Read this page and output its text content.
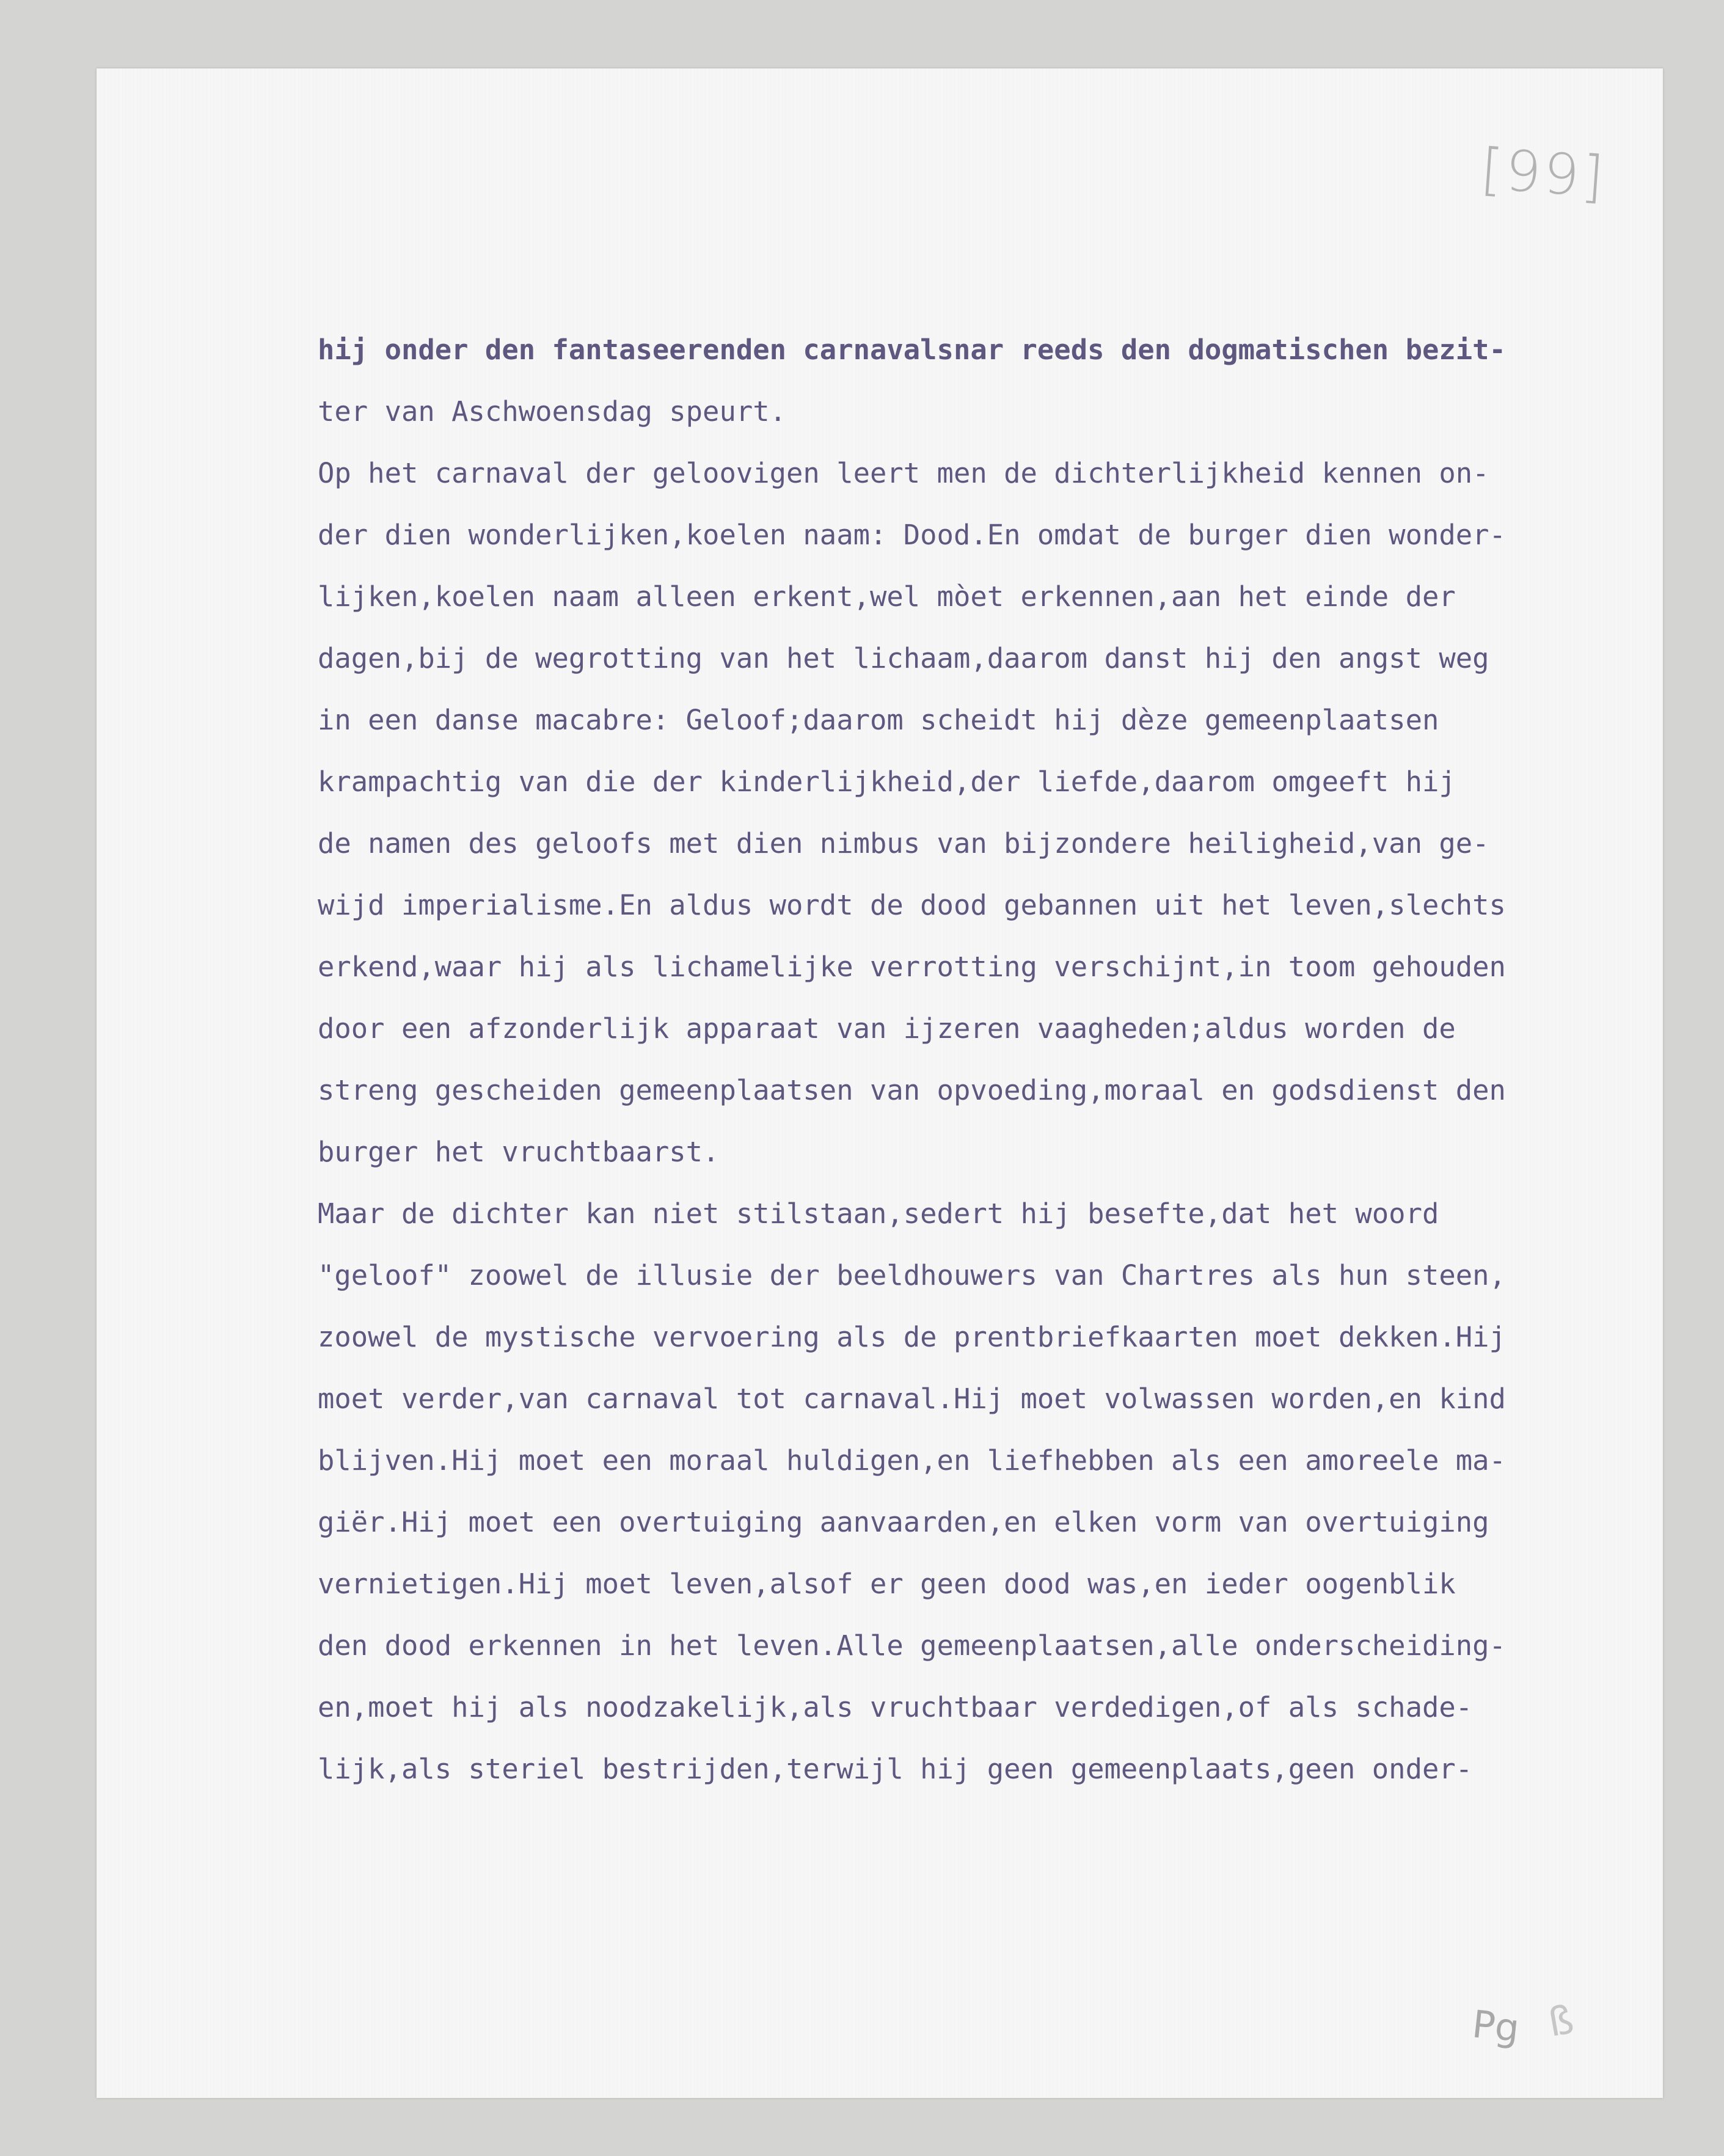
[99]
hij onder den fantaseerenden carnavalsnar reeds den dogmatischen bezit-
ter van Aschwoensdag speurt.
Op het carnaval der geloovigen leert men de dichterlijkheid kennen on-
der dien wonderlijken,koelen naam: Dood.En omdat de burger dien wonder-
lijken,koelen naam alleen erkent,wel mòet erkennen,aan het einde der
dagen,bij de wegrotting van het lichaam,daarom danst hij den angst weg
in een danse macabre: Geloof;daarom scheidt hij dèze gemeenplaatsen
krampachtig van die der kinderlijkheid,der liefde,daarom omgeeft hij
de namen des geloofs met dien nimbus van bijzondere heiligheid,van ge-
wijd imperialisme.En aldus wordt de dood gebannen uit het leven,slechts
erkend,waar hij als lichamelijke verrotting verschijnt,in toom gehouden
door een afzonderlijk apparaat van ijzeren vaagheden;aldus worden de
streng gescheiden gemeenplaatsen van opvoeding,moraal en godsdienst den
burger het vruchtbaarst.
Maar de dichter kan niet stilstaan,sedert hij besefte,dat het woord
"geloof" zoowel de illusie der beeldhouwers van Chartres als hun steen,
zoowel de mystische vervoering als de prentbriefkaarten moet dekken.Hij
moet verder,van carnaval tot carnaval.Hij moet volwassen worden,en kind
blijven.Hij moet een moraal huldigen,en liefhebben als een amoreele ma-
giër.Hij moet een overtuiging aanvaarden,en elken vorm van overtuiging
vernietigen.Hij moet leven,alsof er geen dood was,en ieder oogenblik
den dood erkennen in het leven.Alle gemeenplaatsen,alle onderscheiding-
en,moet hij als noodzakelijk,als vruchtbaar verdedigen,of als schade-
lijk,als steriel bestrijden,terwijl hij geen gemeenplaats,geen onder-
Pg ß
